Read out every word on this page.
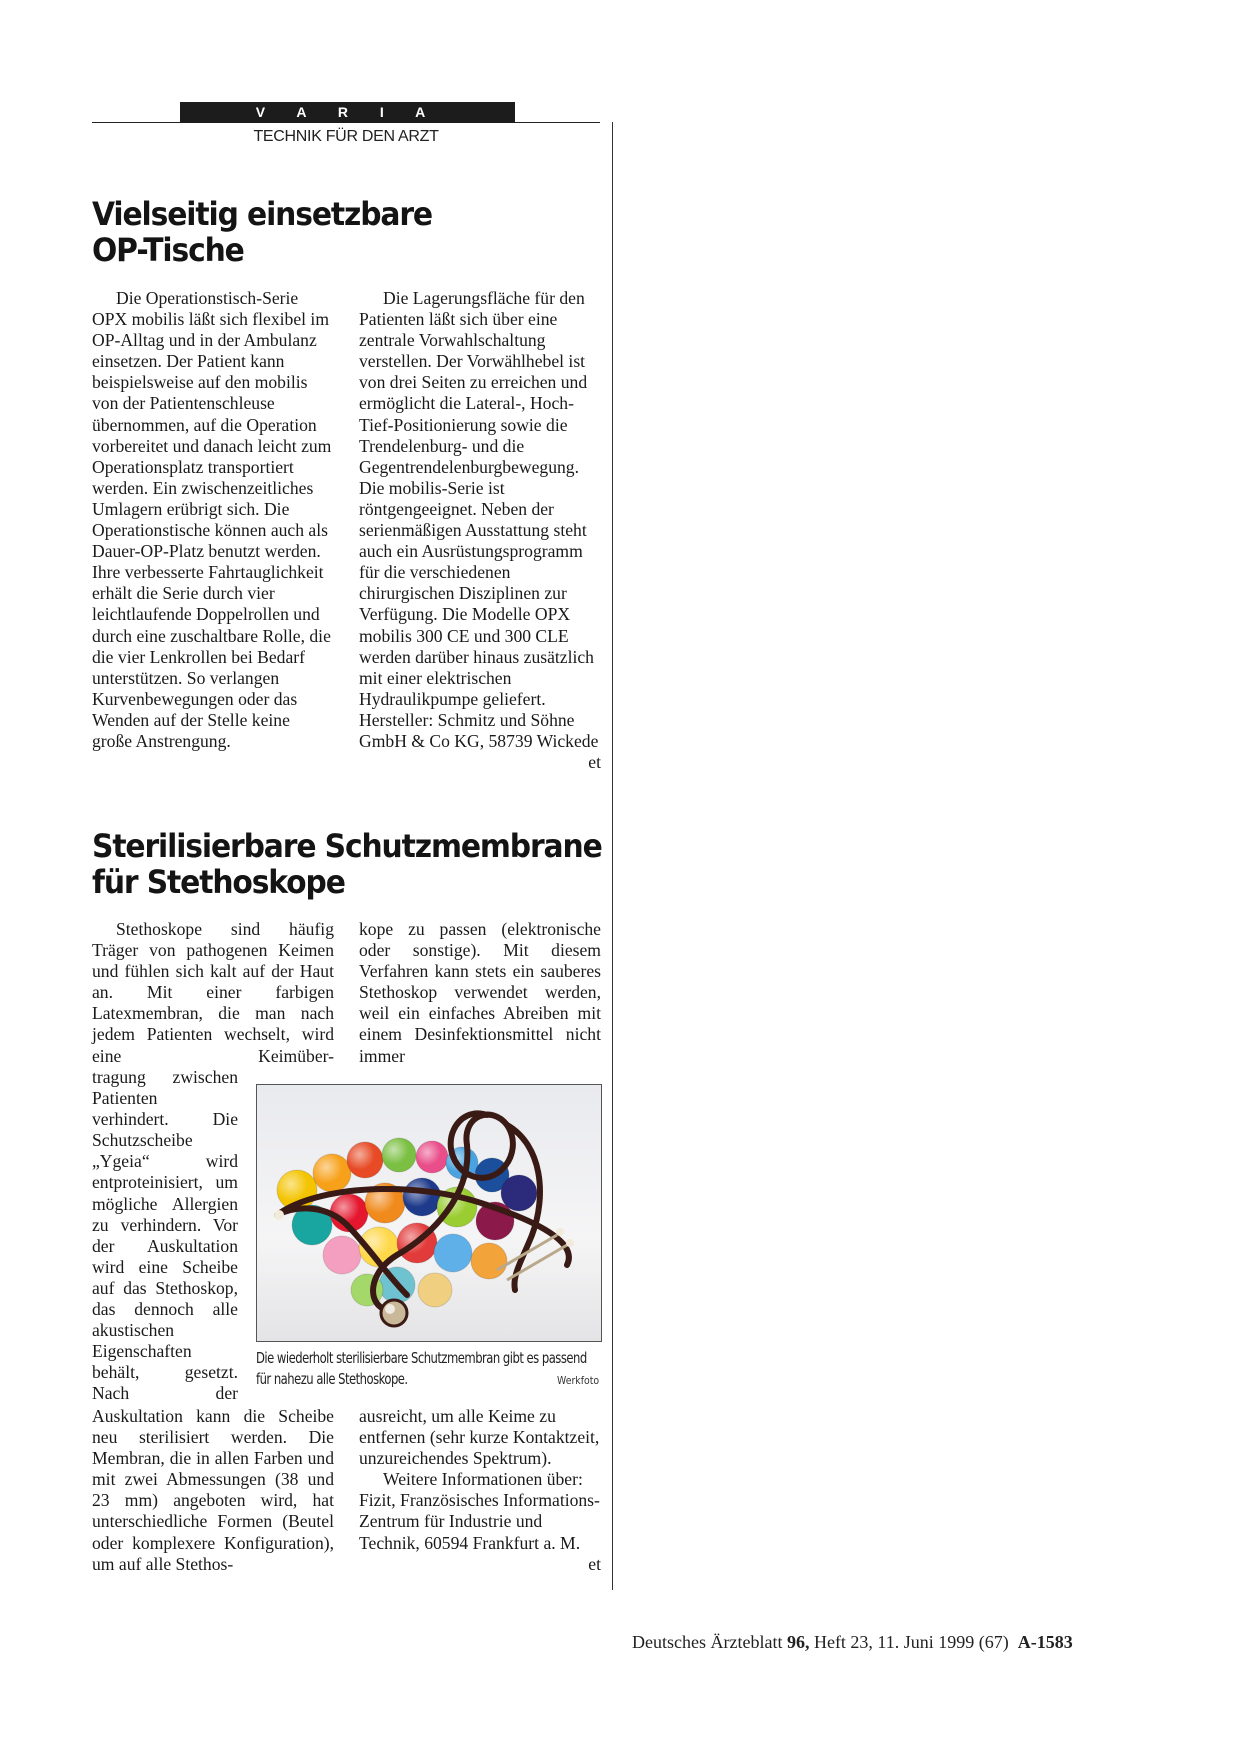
V A R I A
TECHNIK FÜR DEN ARZT
Vielseitig einsetzbare
OP-Tische

Die Operationstisch-Serie OPX mobilis läßt sich flexibel im OP-Alltag und in der Ambulanz einsetzen. Der Patient kann beispielsweise auf den mobilis von der Patientenschleuse übernommen, auf die Operation vorbereitet und danach leicht zum Operationsplatz transportiert werden. Ein zwischenzeitliches Umlagern erübrigt sich. Die Operationstische können auch als Dauer-OP-Platz benutzt werden. Ihre verbesserte Fahrtauglichkeit erhält die Serie durch vier leichtlaufende Doppelrollen und durch eine zuschaltbare Rolle, die die vier Lenkrollen bei Bedarf unterstützen. So verlangen Kurvenbewegungen oder das Wenden auf der Stelle keine große Anstrengung.

Die Lagerungsfläche für den Patienten läßt sich über eine zentrale Vorwahlschaltung verstellen. Der Vorwählhebel ist von drei Seiten zu erreichen und ermöglicht die Lateral-, Hoch-Tief-Positionierung sowie die Trendelenburg- und die Gegentrendelenburgbewegung. Die mobilis-Serie ist röntgengeeignet. Neben der serienmäßigen Ausstattung steht auch ein Ausrüstungsprogramm für die verschiedenen chirurgischen Disziplinen zur Verfügung. Die Modelle OPX mobilis 300 CE und 300 CLE werden darüber hinaus zusätzlich mit einer elektrischen Hydraulikpumpe geliefert. Hersteller: Schmitz und Söhne GmbH & Co KG, 58739 Wickede
et

Sterilisierbare Schutzmembrane
für Stethoskope

Stethoskope sind häufig Träger von pathogenen Keimen und fühlen sich kalt auf der Haut an. Mit einer farbigen Latexmembran, die man nach jedem Patienten wechselt, wird eine Keimüber-

tragung zwischen Patienten verhindert. Die Schutzscheibe „Ygeia“ wird entproteinisiert, um mögliche Allergien zu verhindern. Vor der Auskultation wird eine Scheibe auf das Stethoskop, das dennoch alle akustischen Eigenschaften behält, gesetzt. Nach der

Auskultation kann die Scheibe neu sterilisiert werden. Die Membran, die in allen Farben und mit zwei Abmessungen (38 und 23 mm) angeboten wird, hat unterschiedliche Formen (Beutel oder komplexere Konfiguration), um auf alle Stethos-

kope zu passen (elektronische oder sonstige). Mit diesem Verfahren kann stets ein sauberes Stethoskop verwendet werden, weil ein einfaches Abreiben mit einem Desinfektionsmittel nicht immer

ausreicht, um alle Keime zu entfernen (sehr kurze Kontaktzeit, unzureichendes Spektrum).

Weitere Informationen über: Fizit, Französisches Informations-Zentrum für Industrie und Technik, 60594 Frankfurt a. M.
et

Die wiederholt sterilisierbare Schutzmembran gibt es passend für nahezu alle Stethoskope.	Werkfoto
Deutsches Ärzteblatt 96, Heft 23, 11. Juni 1999 (67) A-1583
